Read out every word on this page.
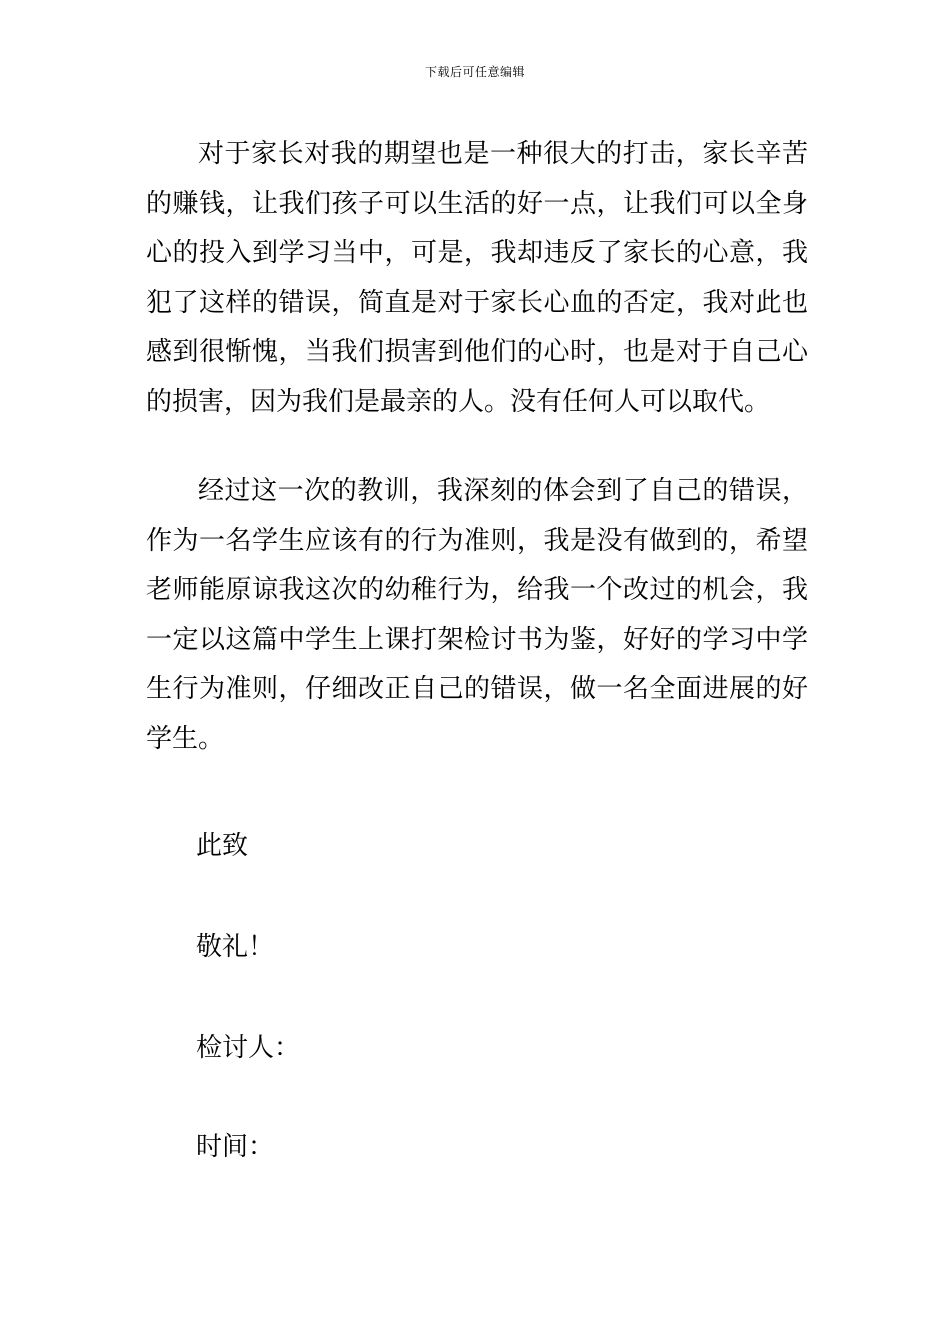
下载后可任意编辑

对于家长对我的期望也是一种很大的打击，家长辛苦的赚钱，让我们孩子可以生活的好一点，让我们可以全身心的投入到学习当中，可是，我却违反了家长的心意，我犯了这样的错误，简直是对于家长心血的否定，我对此也感到很惭愧，当我们损害到他们的心时，也是对于自己心的损害，因为我们是最亲的人。没有任何人可以取代。

经过这一次的教训，我深刻的体会到了自己的错误，作为一名学生应该有的行为准则，我是没有做到的，希望老师能原谅我这次的幼稚行为，给我一个改过的机会，我一定以这篇中学生上课打架检讨书为鉴，好好的学习中学生行为准则，仔细改正自己的错误，做一名全面进展的好学生。

此致

敬礼！

检讨人：

时间：
